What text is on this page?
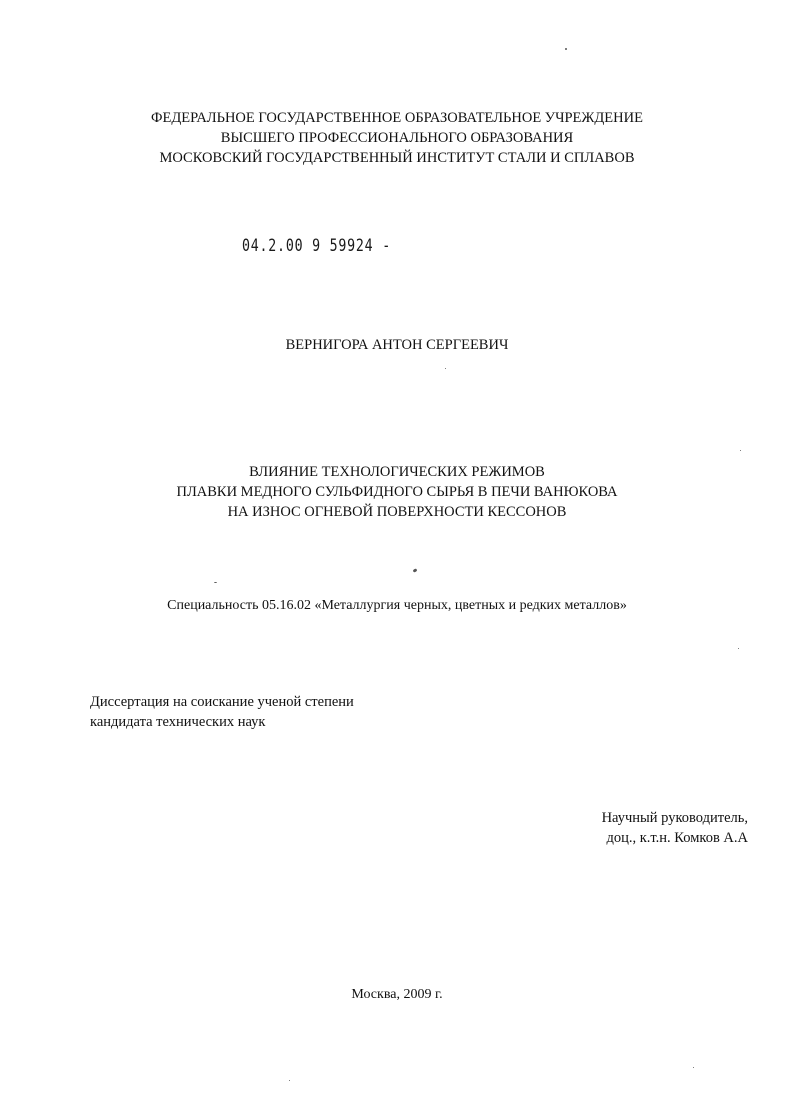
ФЕДЕРАЛЬНОЕ ГОСУДАРСТВЕННОЕ ОБРАЗОВАТЕЛЬНОЕ УЧРЕЖДЕНИЕ
ВЫСШЕГО ПРОФЕССИОНАЛЬНОГО ОБРАЗОВАНИЯ
МОСКОВСКИЙ ГОСУДАРСТВЕННЫЙ ИНСТИТУТ СТАЛИ И СПЛАВОВ
04.2.00 9 59924 -
ВЕРНИГОРА АНТОН СЕРГЕЕВИЧ
ВЛИЯНИЕ ТЕХНОЛОГИЧЕСКИХ РЕЖИМОВ
ПЛАВКИ МЕДНОГО СУЛЬФИДНОГО СЫРЬЯ В ПЕЧИ ВАНЮКОВА
НА ИЗНОС ОГНЕВОЙ ПОВЕРХНОСТИ КЕССОНОВ
Специальность 05.16.02 «Металлургия черных, цветных и редких металлов»
Диссертация на соискание ученой степени
кандидата технических наук
Научный руководитель,
доц., к.т.н. Комков А.А
Москва, 2009 г.
